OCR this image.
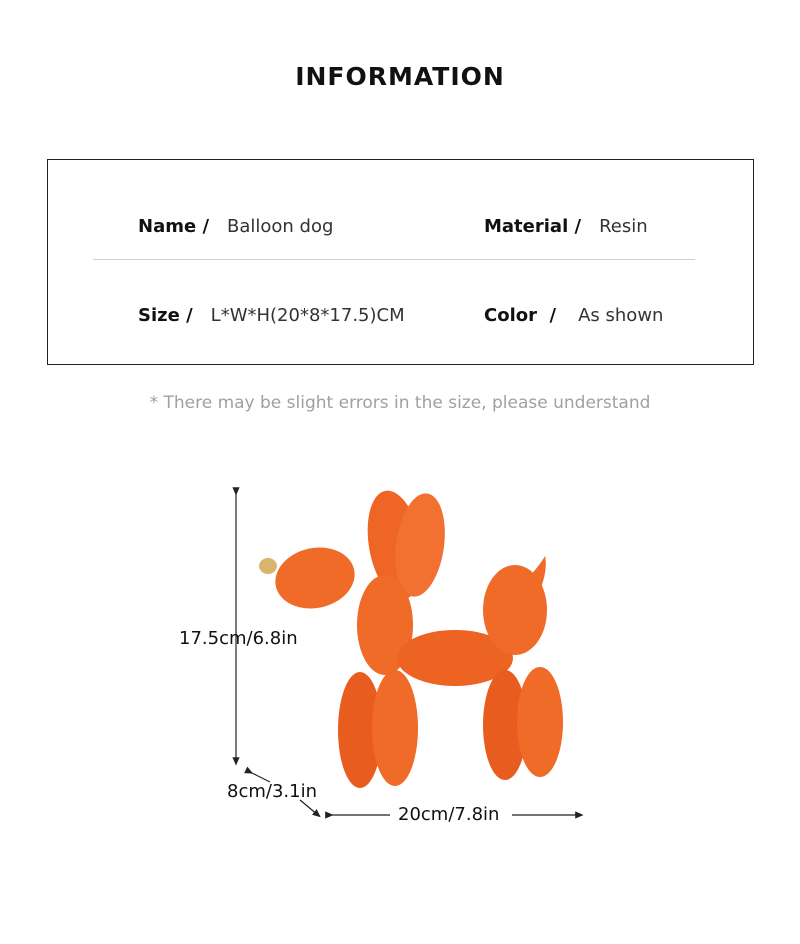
INFORMATION
Name / Balloon dog	Material / Resin
Size / L*W*H(20*8*17.5)CM	Color  / As shown
* There may be slight errors in the size, please understand
17.5cm/6.8in
8cm/3.1in
20cm/7.8in
